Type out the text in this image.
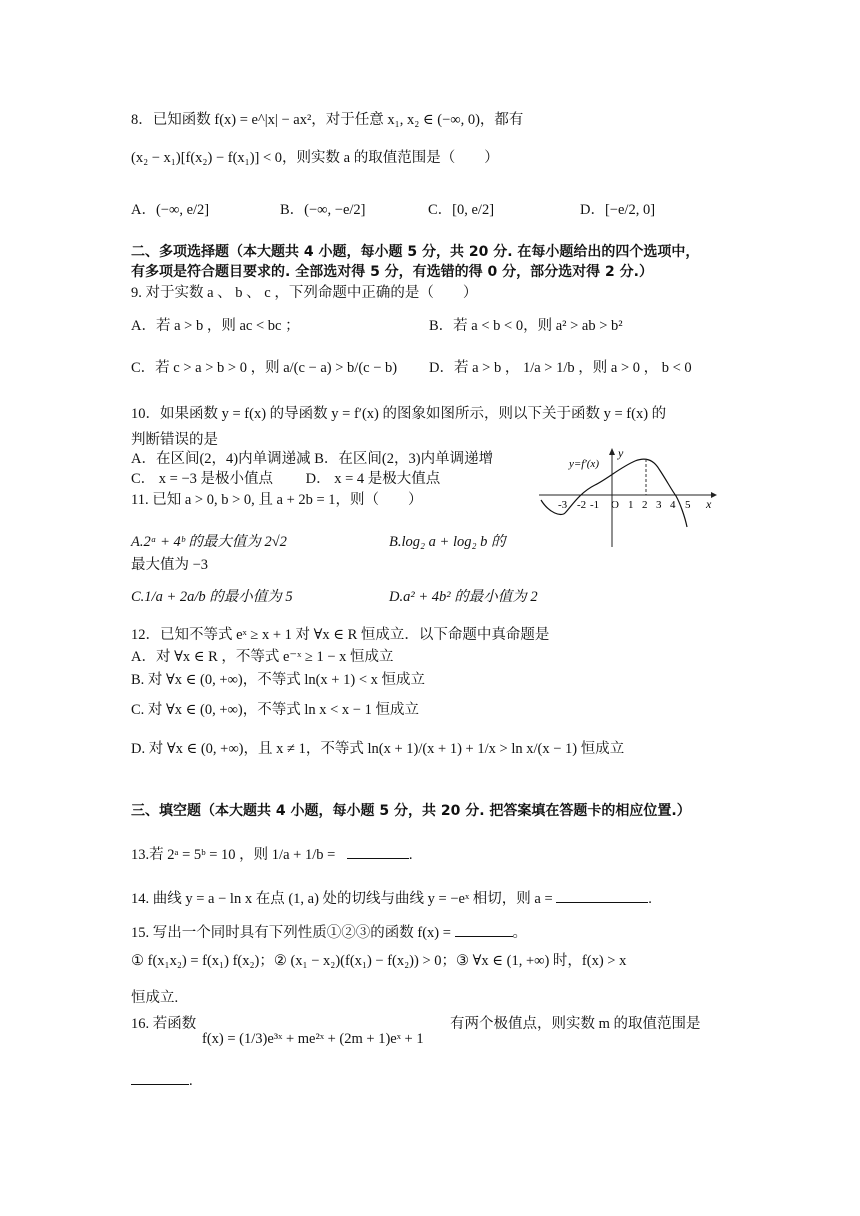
8．已知函数 f(x) = e^|x| − ax²，对于任意 x₁, x₂ ∈ (−∞, 0)，都有
(x₂ − x₁)[f(x₂) − f(x₁)] < 0，则实数 a 的取值范围是（　　）
A．(−∞, e/2]	B．(−∞, −e/2]	C．[0, e/2]	D．[−e/2, 0]
二、多项选择题（本大题共 4 小题，每小题 5 分，共 20 分. 在每小题给出的四个选项中，
有多项是符合题目要求的. 全部选对得 5 分，有选错的得 0 分，部分选对得 2 分.）
9. 对于实数 a 、 b 、 c ，下列命题中正确的是（　　）
A．若 a > b ，则 ac < bc ；	B．若 a < b < 0，则 a² > ab > b²
C．若 c > a > b > 0 ，则 a/(c − a) > b/(c − b) D．若 a > b ， 1/a > 1/b ，则 a > 0 ， b < 0
10．如果函数 y = f(x) 的导函数 y = f′(x) 的图象如图所示，则以下关于函数 y = f(x) 的
判断错误的是
A．在区间(2，4)内单调递减 B．在区间(2，3)内单调递增
C． x = −3 是极小值点　　 D． x = 4 是极大值点
y
x
y=f′(x)
-3 -2 -1 O 1 2 3 4 5
11. 已知 a > 0, b > 0, 且 a + 2b = 1，则（　　）
A.2ᵃ + 4ᵇ 的最大值为 2√2	B.log₂ a + log₂ b 的
最大值为 −3
C.1/a + 2a/b 的最小值为 5	D.a² + 4b² 的最小值为 2
12．已知不等式 eˣ ≥ x + 1 对 ∀x ∈ R 恒成立．以下命题中真命题是
A．对 ∀x ∈ R ，不等式 e⁻ˣ ≥ 1 − x 恒成立
B. 对 ∀x ∈ (0, +∞)，不等式 ln(x + 1) < x 恒成立
C. 对 ∀x ∈ (0, +∞)，不等式 ln x < x − 1 恒成立
D. 对 ∀x ∈ (0, +∞)，且 x ≠ 1，不等式 ln(x + 1)/(x + 1) + 1/x > ln x/(x − 1) 恒成立
三、填空题（本大题共 4 小题，每小题 5 分，共 20 分. 把答案填在答题卡的相应位置.）
13.若 2ᵃ = 5ᵇ = 10 ，则 1/a + 1/b =	.
14. 曲线 y = a − ln x 在点 (1, a) 处的切线与曲线 y = −eˣ 相切，则 a =	.
15. 写出一个同时具有下列性质①②③的函数 f(x) =	。
① f(x₁x₂) = f(x₁) f(x₂)；② (x₁ − x₂)(f(x₁) − f(x₂)) > 0；③ ∀x ∈ (1, +∞) 时，f(x) > x
恒成立.
16. 若函数
f(x) = (1/3)e³ˣ + me²ˣ + (2m + 1)eˣ + 1
有两个极值点，则实数 m 的取值范围是
.
